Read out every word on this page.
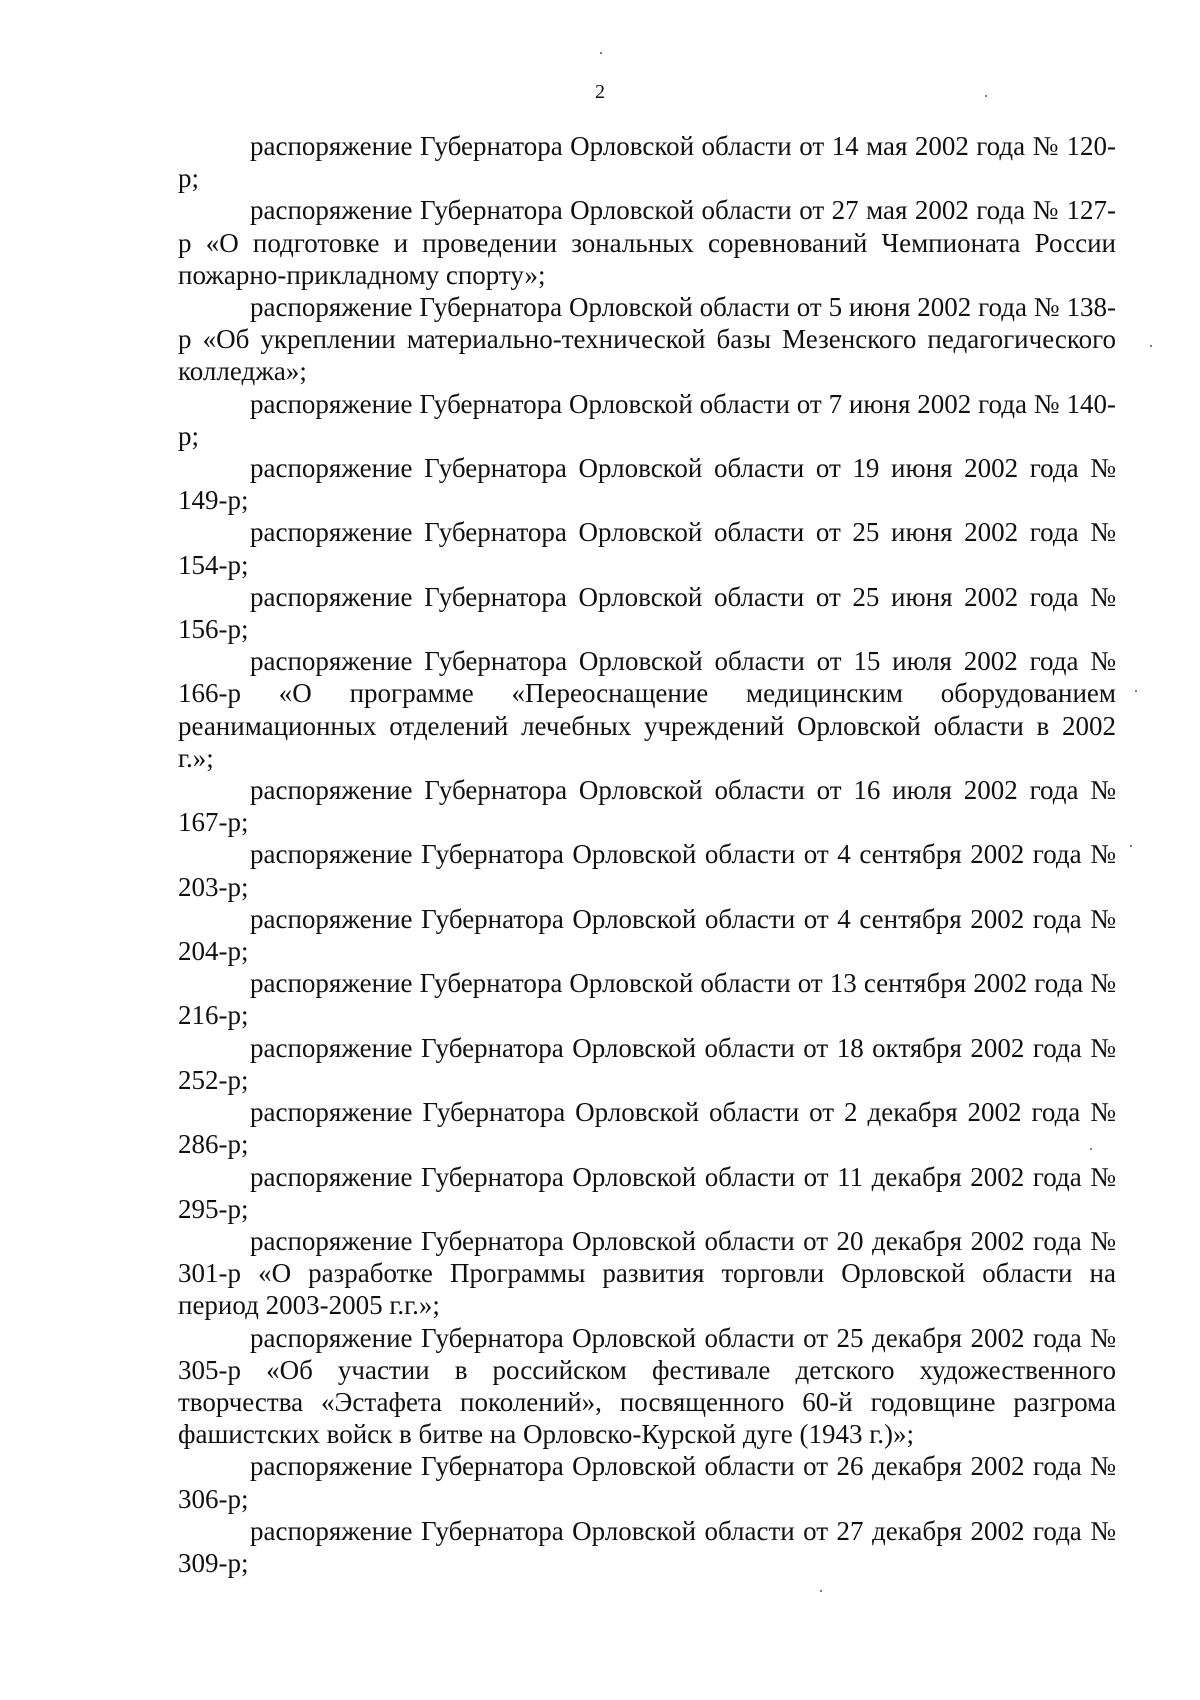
2

распоряжение Губернатора Орловской области от 14 мая 2002 года № 120-р;

распоряжение Губернатора Орловской области от 27 мая 2002 года № 127-р «О подготовке и проведении зональных соревнований Чемпионата России пожарно-прикладному спорту»;

распоряжение Губернатора Орловской области от 5 июня 2002 года № 138-р «Об укреплении материально-технической базы Мезенского педагогического колледжа»;

распоряжение Губернатора Орловской области от 7 июня 2002 года № 140-р;

распоряжение Губернатора Орловской области от 19 июня 2002 года № 149-р;

распоряжение Губернатора Орловской области от 25 июня 2002 года № 154-р;

распоряжение Губернатора Орловской области от 25 июня 2002 года № 156-р;

распоряжение Губернатора Орловской области от 15 июля 2002 года № 166-р «О программе «Переоснащение медицинским оборудованием реанимационных отделений лечебных учреждений Орловской области в 2002 г.»;

распоряжение Губернатора Орловской области от 16 июля 2002 года № 167-р;

распоряжение Губернатора Орловской области от 4 сентября 2002 года № 203-р;

распоряжение Губернатора Орловской области от 4 сентября 2002 года № 204-р;

распоряжение Губернатора Орловской области от 13 сентября 2002 года № 216-р;

распоряжение Губернатора Орловской области от 18 октября 2002 года № 252-р;

распоряжение Губернатора Орловской области от 2 декабря 2002 года № 286-р;

распоряжение Губернатора Орловской области от 11 декабря 2002 года № 295-р;

распоряжение Губернатора Орловской области от 20 декабря 2002 года № 301-р «О разработке Программы развития торговли Орловской области на период 2003-2005 г.г.»;

распоряжение Губернатора Орловской области от 25 декабря 2002 года № 305-р «Об участии в российском фестивале детского художественного творчества «Эстафета поколений», посвященного 60-й годовщине разгрома фашистских войск в битве на Орловско-Курской дуге (1943 г.)»;

распоряжение Губернатора Орловской области от 26 декабря 2002 года № 306-р;

распоряжение Губернатора Орловской области от 27 декабря 2002 года № 309-р;
